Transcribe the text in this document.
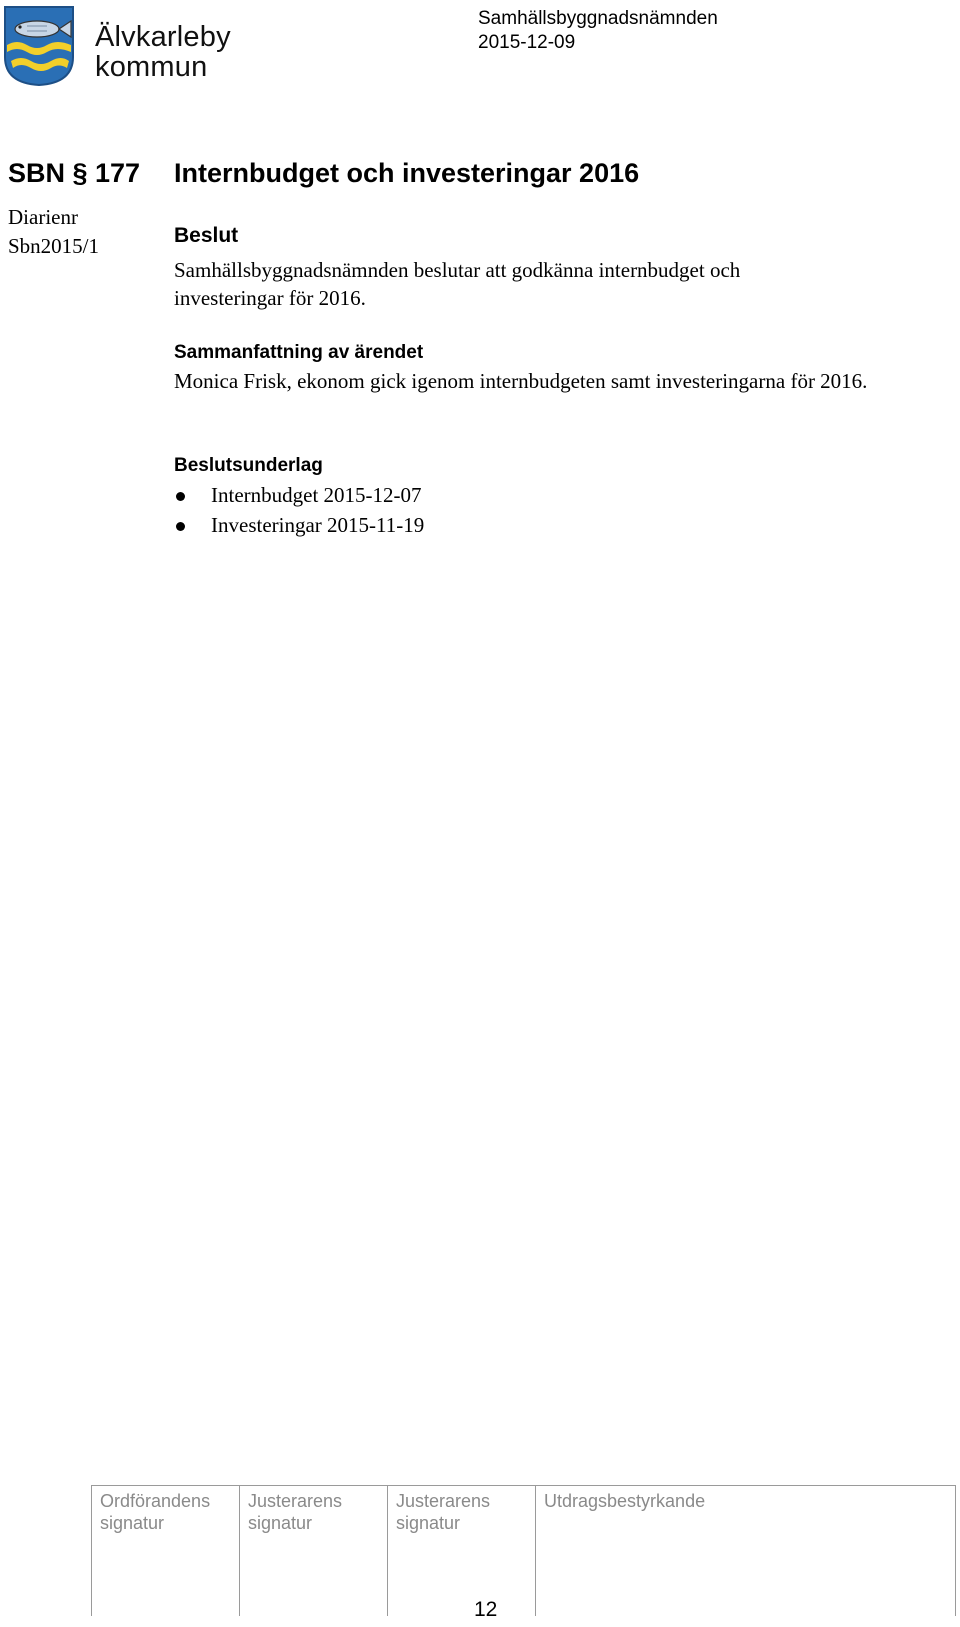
Älvkarleby
kommun
Samhällsbyggnadsnämnden
2015-12-09
SBN § 177 Internbudget och investeringar 2016
Diarienr
Sbn2015/1	Beslut
Samhällsbyggnadsnämnden beslutar att godkänna internbudget och investeringar för 2016.
Sammanfattning av ärendet
Monica Frisk, ekonom gick igenom internbudgeten samt investeringarna för 2016.
Beslutsunderlag
Internbudget 2015-12-07
Investeringar 2015-11-19
Ordförandens
signatur
Justerarens
signatur
Justerarens
signatur
Utdragsbestyrkande
12
